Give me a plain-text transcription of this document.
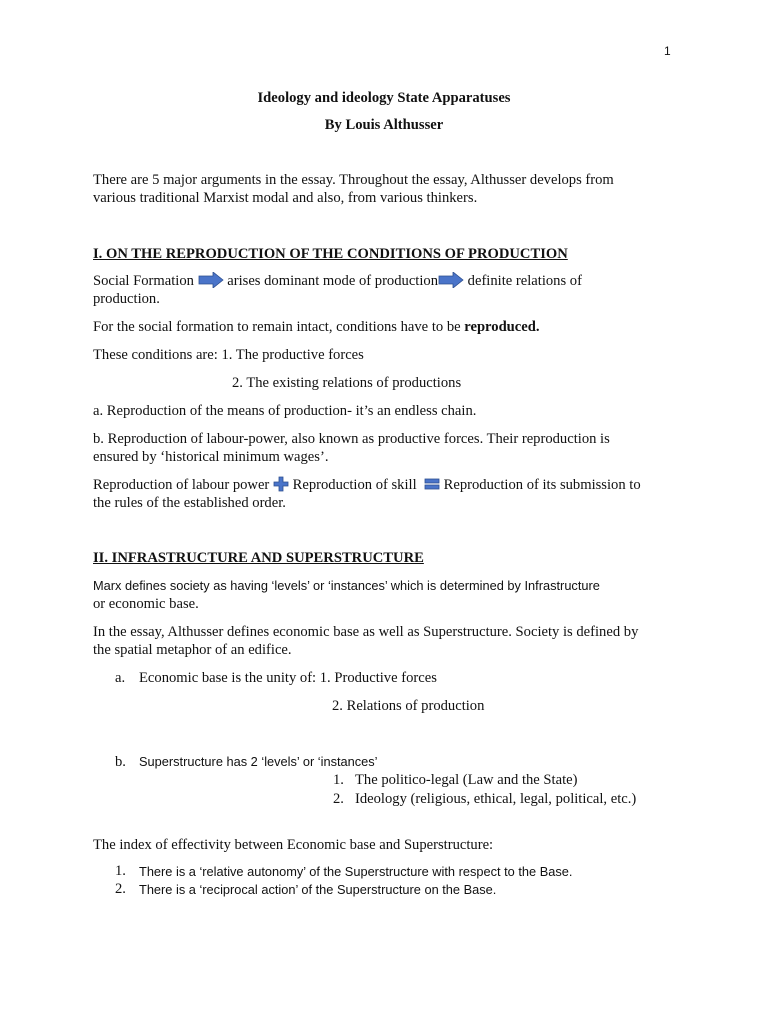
1
Ideology and ideology State Apparatuses
By Louis Althusser
There are 5 major arguments in the essay. Throughout the essay, Althusser develops from
various traditional Marxist modal and also, from various thinkers.
I. ON THE REPRODUCTION OF THE CONDITIONS OF PRODUCTION
Social Formation arises dominant mode of production definite relations of
production.
For the social formation to remain intact, conditions have to be reproduced.
These conditions are: 1. The productive forces
2. The existing relations of productions
a. Reproduction of the means of production- it’s an endless chain.
b. Reproduction of labour-power, also known as productive forces. Their reproduction is
ensured by ‘historical minimum wages’.
Reproduction of labour power Reproduction of skill Reproduction of its submission to
the rules of the established order.
II. INFRASTRUCTURE AND SUPERSTRUCTURE
Marx defines society as having ‘levels’ or ‘instances’ which is determined by Infrastructure
or economic base.
In the essay, Althusser defines economic base as well as Superstructure. Society is defined by
the spatial metaphor of an edifice.
a. Economic base is the unity of: 1. Productive forces
2. Relations of production
b. Superstructure has 2 ‘levels’ or ‘instances’
1. The politico-legal (Law and the State)
2. Ideology (religious, ethical, legal, political, etc.)
The index of effectivity between Economic base and Superstructure:
1. There is a ‘relative autonomy’ of the Superstructure with respect to the Base.
2. There is a ‘reciprocal action’ of the Superstructure on the Base.
